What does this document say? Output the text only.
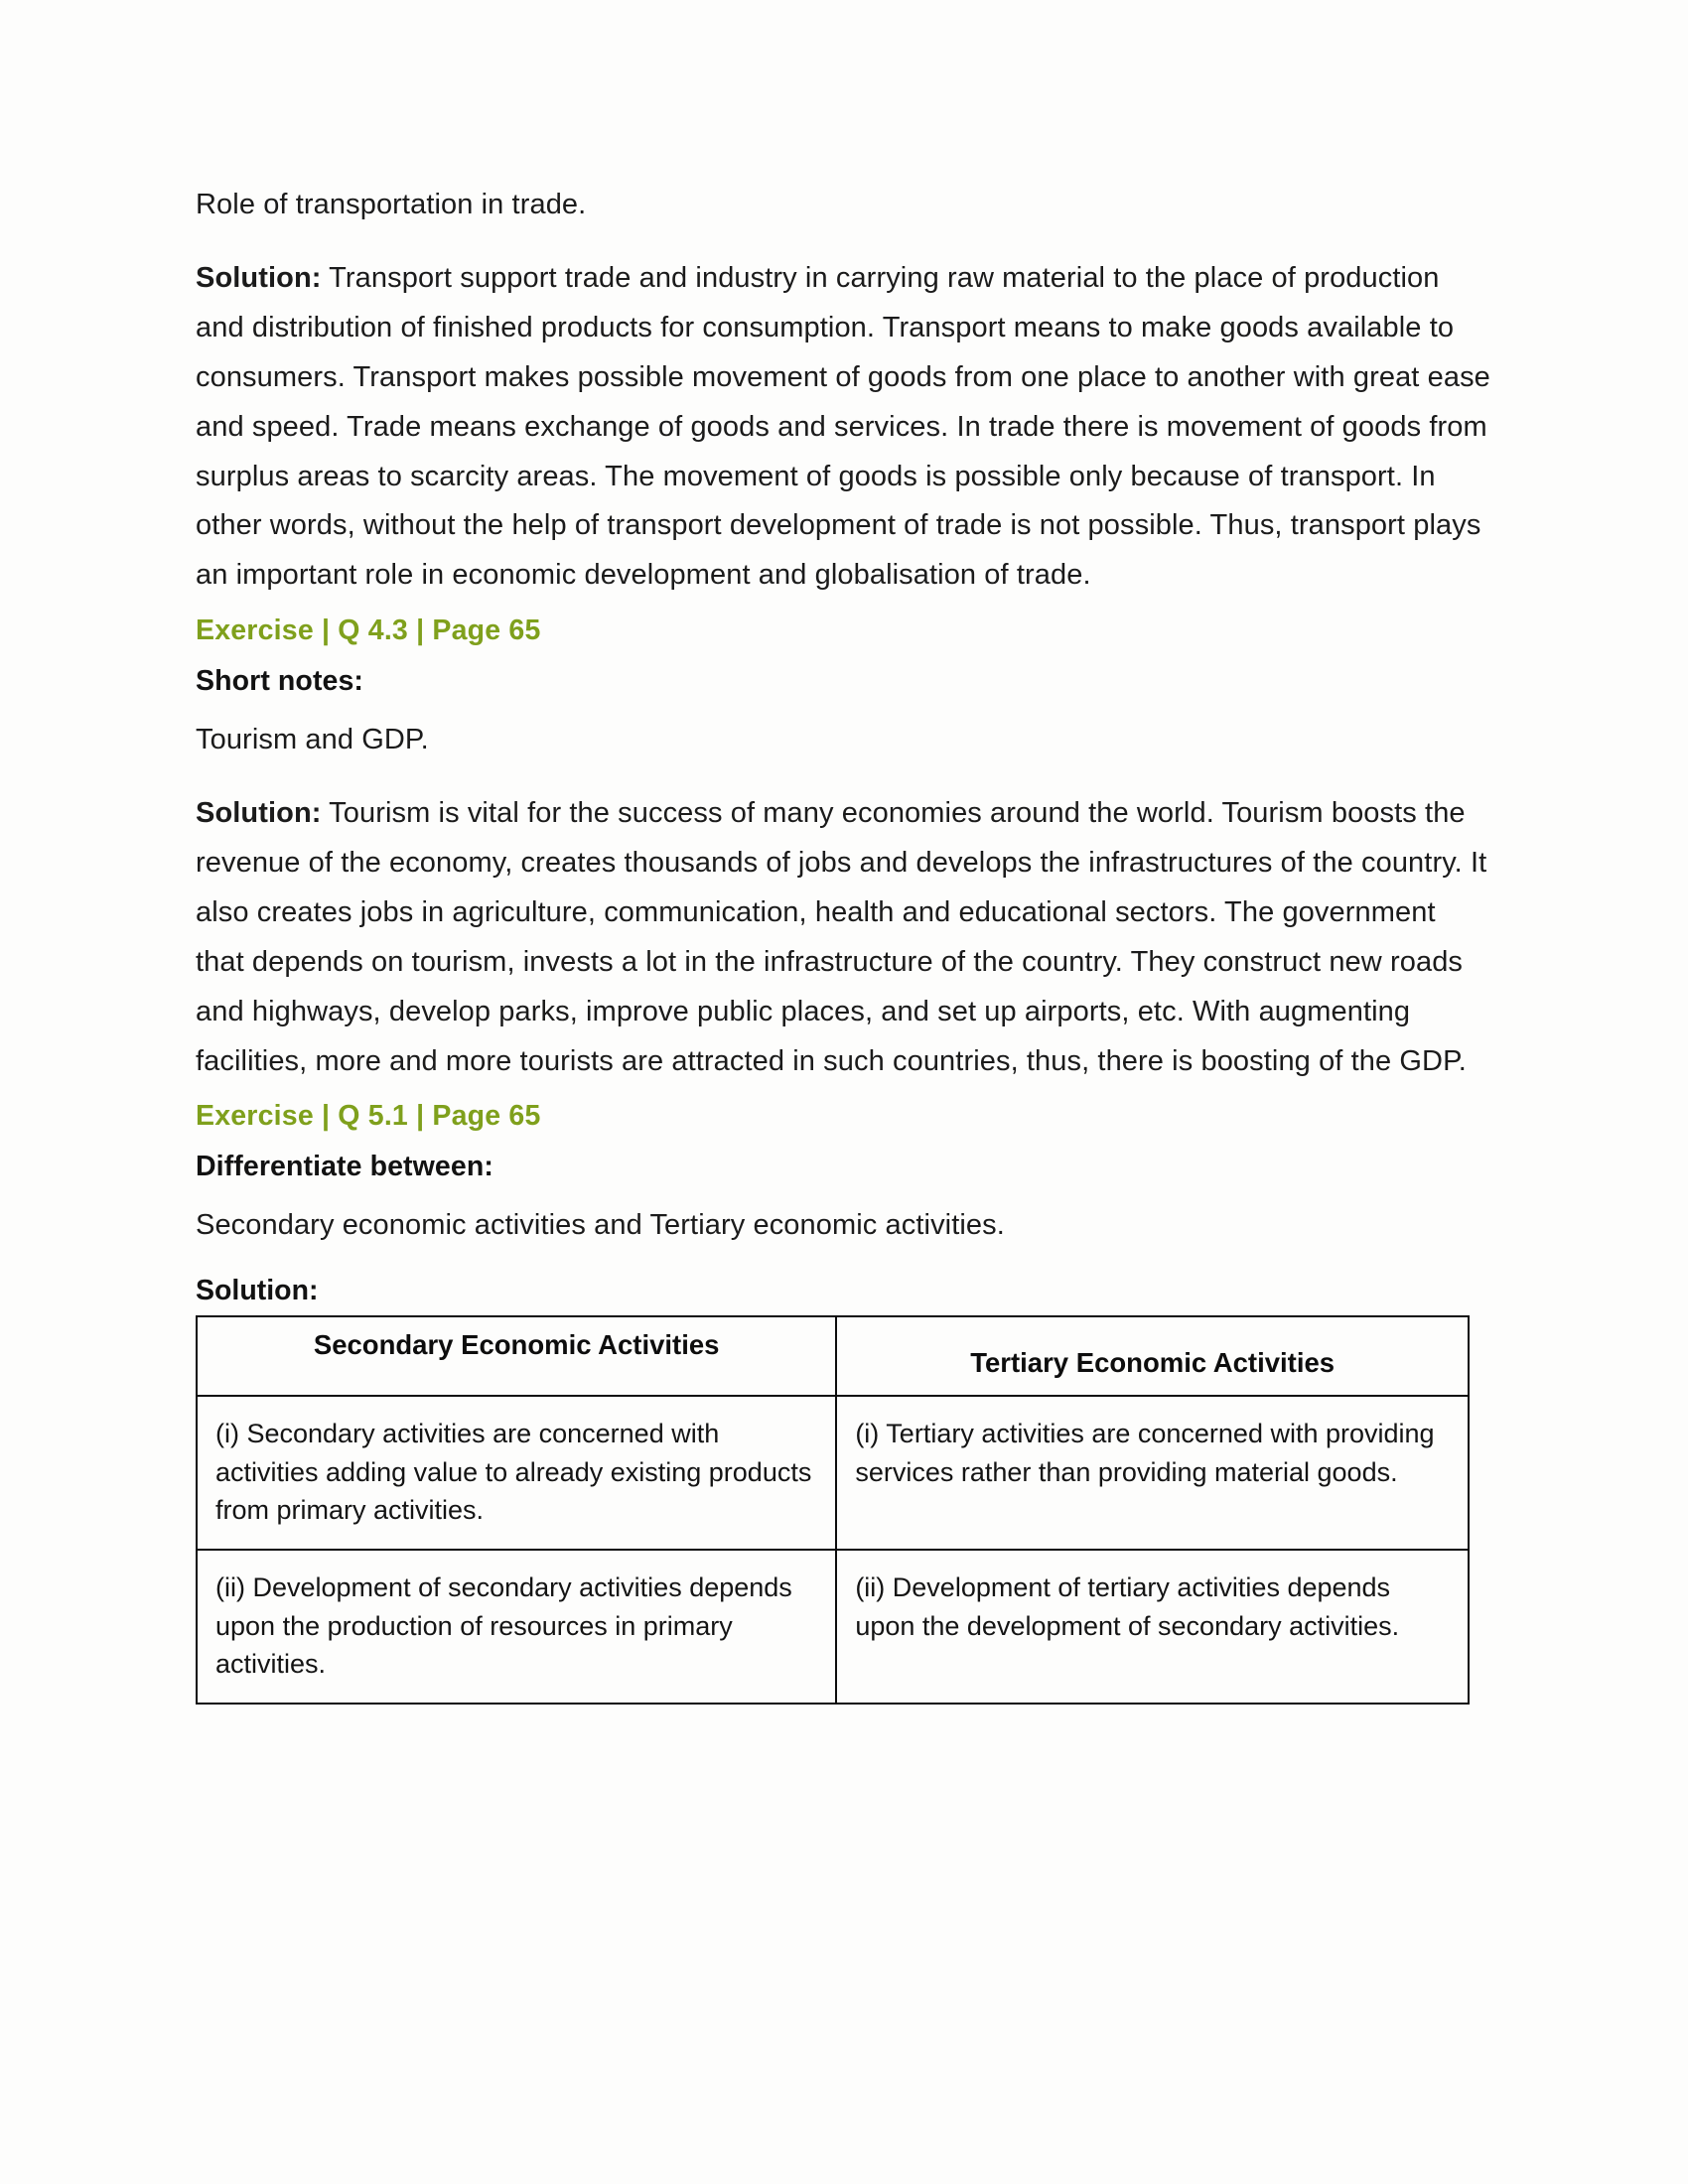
Role of transportation in trade.

Solution: Transport support trade and industry in carrying raw material to the place of production and distribution of finished products for consumption. Transport means to make goods available to consumers. Transport makes possible movement of goods from one place to another with great ease and speed. Trade means exchange of goods and services. In trade there is movement of goods from surplus areas to scarcity areas. The movement of goods is possible only because of transport. In other words, without the help of transport development of trade is not possible. Thus, transport plays an important role in economic development and globalisation of trade.

Exercise | Q 4.3 | Page 65

Short notes:

Tourism and GDP.

Solution: Tourism is vital for the success of many economies around the world. Tourism boosts the revenue of the economy, creates thousands of jobs and develops the infrastructures of the country. It also creates jobs in agriculture, communication, health and educational sectors. The government that depends on tourism, invests a lot in the infrastructure of the country. They construct new roads and highways, develop parks, improve public places, and set up airports, etc. With augmenting facilities, more and more tourists are attracted in such countries, thus, there is boosting of the GDP.

Exercise | Q 5.1 | Page 65

Differentiate between:

Secondary economic activities and Tertiary economic activities.

Solution:

Secondary Economic Activities	Tertiary Economic Activities

(i) Secondary activities are concerned with activities adding value to already existing products from primary activities.	(i) Tertiary activities are concerned with providing services rather than providing material goods.
(ii) Development of secondary activities depends upon the production of resources in primary activities.	(ii) Development of tertiary activities depends upon the development of secondary activities.
